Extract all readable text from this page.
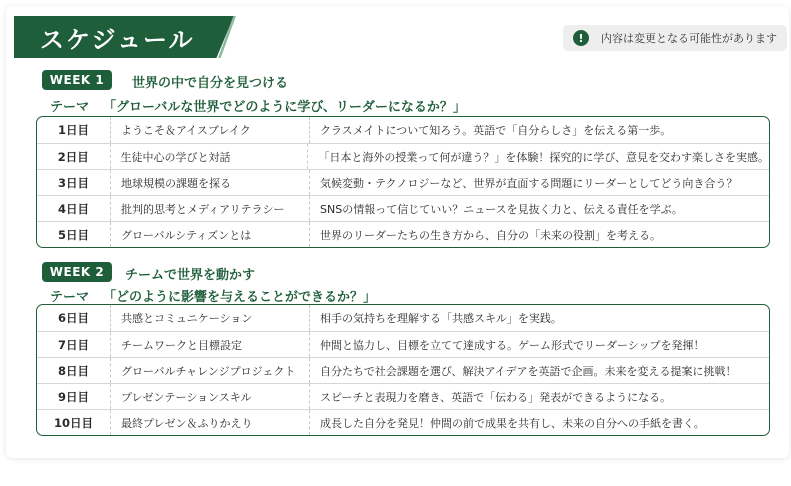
スケジュール	!	内容は変更となる可能性があります
WEEK 1	世界の中で自分を見つける
テーマ 「グローバルな世界でどのように学び、リーダーになるか？」
1日目	ようこそ＆アイスブレイク	クラスメイトについて知ろう。英語で「自分らしさ」を伝える第一歩。
2日目	生徒中心の学びと対話	「日本と海外の授業って何が違う？」を体験！探究的に学び、意見を交わす楽しさを実感。
3日目	地球規模の課題を探る	気候変動・テクノロジーなど、世界が直面する問題にリーダーとしてどう向き合う？
4日目	批判的思考とメディアリテラシー	SNSの情報って信じていい？ニュースを見抜く力と、伝える責任を学ぶ。
5日目	グローバルシティズンとは	世界のリーダーたちの生き方から、自分の「未来の役割」を考える。
WEEK 2	チームで世界を動かす
テーマ 「どのように影響を与えることができるか？」
6日目	共感とコミュニケーション	相手の気持ちを理解する「共感スキル」を実践。
7日目	チームワークと目標設定	仲間と協力し、目標を立てて達成する。ゲーム形式でリーダーシップを発揮！
8日目	グローバルチャレンジプロジェクト	自分たちで社会課題を選び、解決アイデアを英語で企画。未来を変える提案に挑戦！
9日目	プレゼンテーションスキル	スピーチと表現力を磨き、英語で「伝わる」発表ができるようになる。
10日目	最終プレゼン＆ふりかえり	成長した自分を発見！仲間の前で成果を共有し、未来の自分への手紙を書く。
